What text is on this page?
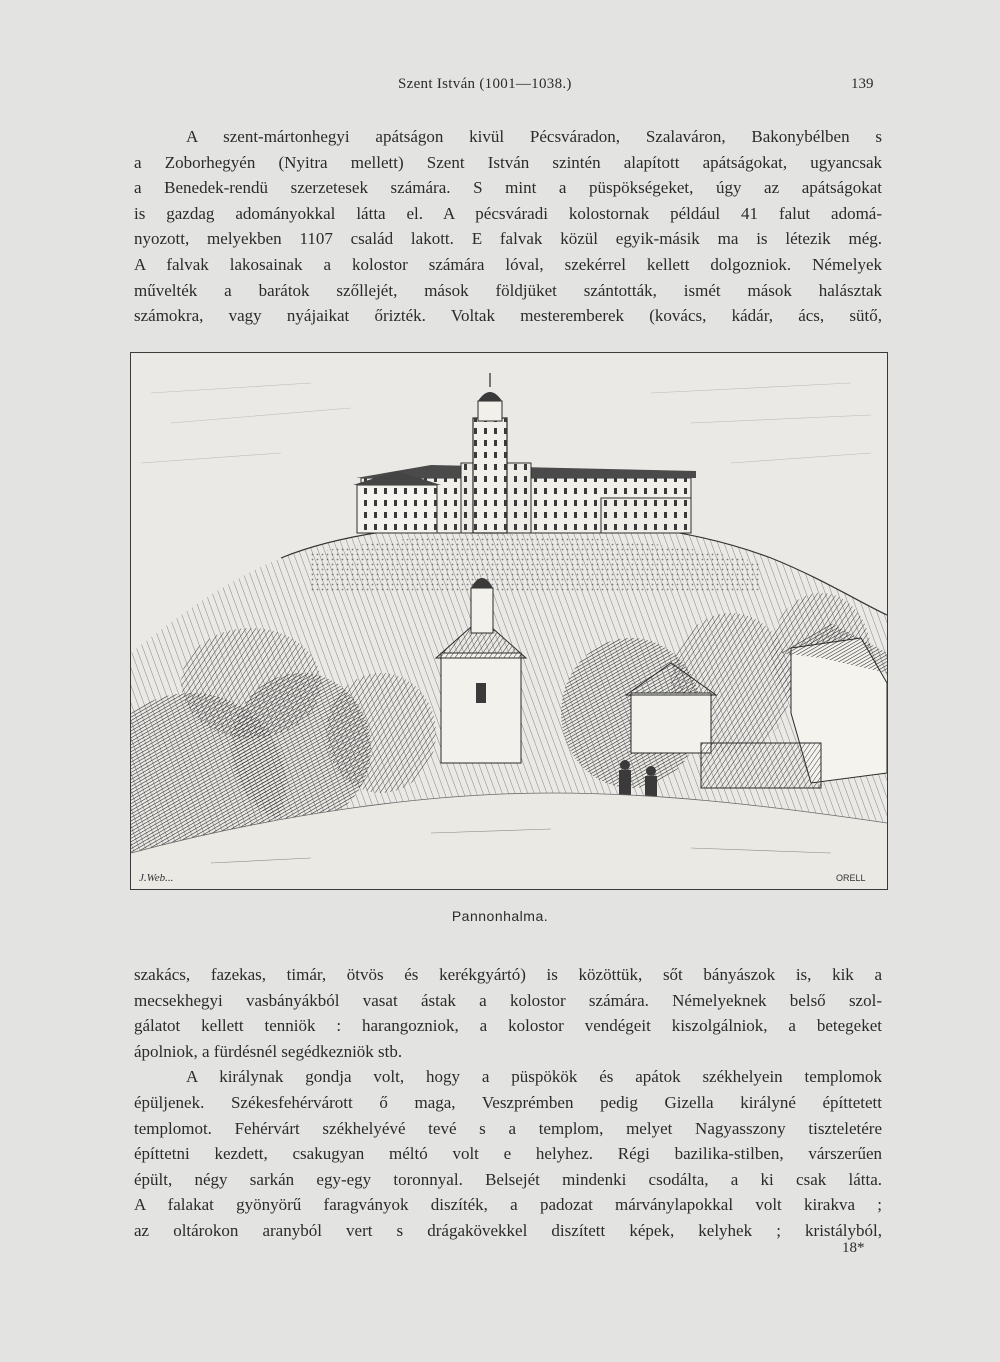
Szent István (1001—1038.)	139

A szent-mártonhegyi apátságon kivül Pécsváradon, Szalaváron, Bakonybélben s
a Zoborhegyén (Nyitra mellett) Szent István szintén alapított apátságokat, ugyancsak
a Benedek-rendü szerzetesek számára. S mint a püspökségeket, úgy az apátságokat
is gazdag adományokkal látta el. A pécsváradi kolostornak például 41 falut adomá-
nyozott, melyekben 1107 család lakott. E falvak közül egyik-másik ma is létezik még.
A falvak lakosainak a kolostor számára lóval, szekérrel kellett dolgozniok. Némelyek
művelték a barátok szőllejét, mások földjüket szántották, ismét mások halásztak
számokra, vagy nyájaikat őrizték. Voltak mesteremberek (kovács, kádár, ács, sütő,

J.Web...	ORELL
Pannonhalma.

szakács, fazekas, timár, ötvös és kerékgyártó) is közöttük, sőt bányászok is, kik a
mecsekhegyi vasbányákból vasat ástak a kolostor számára. Némelyeknek belső szol-
gálatot kellett tenniök : harangozniok, a kolostor vendégeit kiszolgálniok, a betegeket
ápolniok, a fürdésnél segédkezniök stb.

A királynak gondja volt, hogy a püspökök és apátok székhelyein templomok
épüljenek. Székesfehérvárott ő maga, Veszprémben pedig Gizella királyné építtetett
templomot. Fehérvárt székhelyévé tevé s a templom, melyet Nagyasszony tiszteletére
építtetni kezdett, csakugyan méltó volt e helyhez. Régi bazilika-stilben, várszerűen
épült, négy sarkán egy-egy toronnyal. Belsejét mindenki csodálta, a ki csak látta.
A falakat gyönyörű faragványok diszíték, a padozat márványlapokkal volt kirakva ;
az oltárokon aranyból vert s drágakövekkel diszített képek, kelyhek ; kristályból,

18*
